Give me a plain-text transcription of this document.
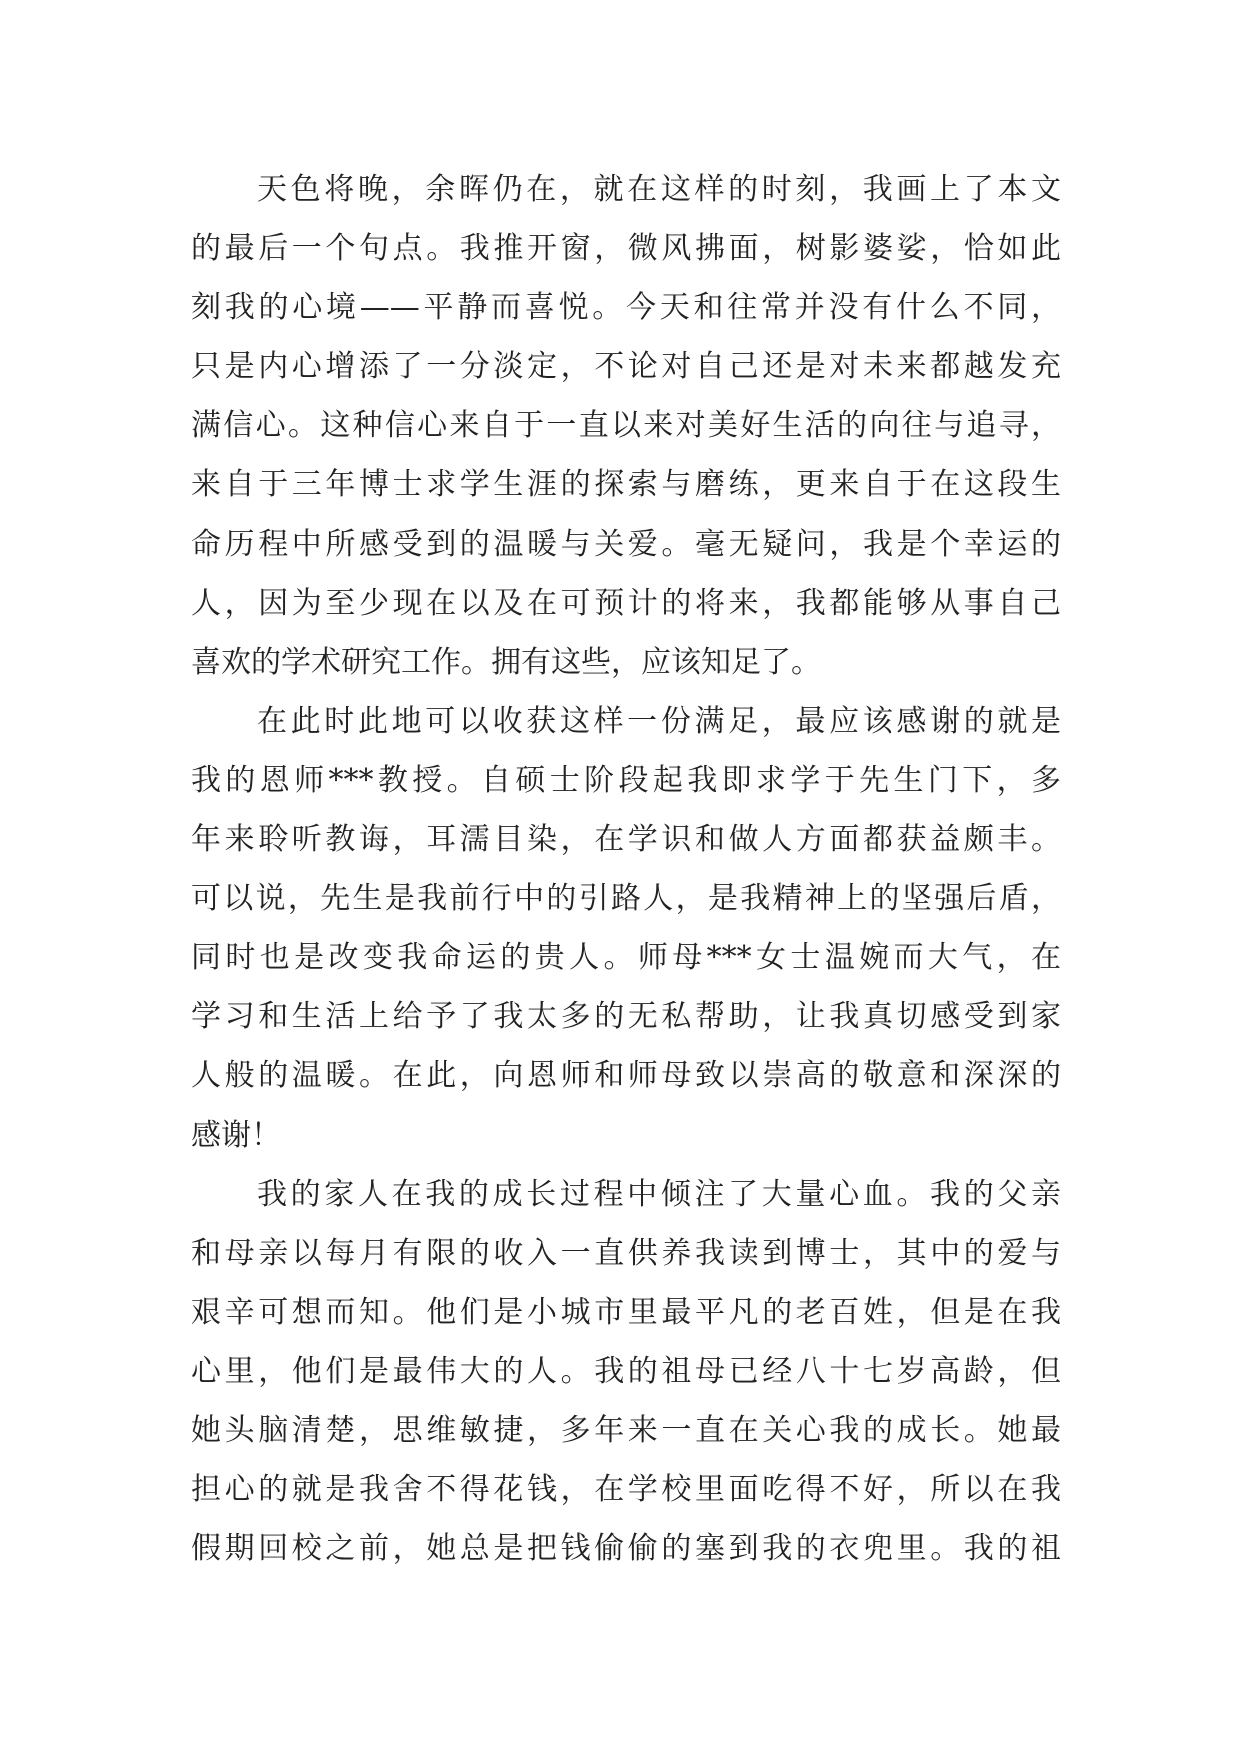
天色将晚，余晖仍在，就在这样的时刻，我画上了本文
的最后一个句点。我推开窗，微风拂面，树影婆娑，恰如此
刻我的心境——平静而喜悦。今天和往常并没有什么不同，
只是内心增添了一分淡定，不论对自己还是对未来都越发充
满信心。这种信心来自于一直以来对美好生活的向往与追寻，
来自于三年博士求学生涯的探索与磨练，更来自于在这段生
命历程中所感受到的温暖与关爱。毫无疑问，我是个幸运的
人，因为至少现在以及在可预计的将来，我都能够从事自己
喜欢的学术研究工作。拥有这些，应该知足了。
在此时此地可以收获这样一份满足，最应该感谢的就是
我的恩师***教授。自硕士阶段起我即求学于先生门下，多
年来聆听教诲，耳濡目染，在学识和做人方面都获益颇丰。
可以说，先生是我前行中的引路人，是我精神上的坚强后盾，
同时也是改变我命运的贵人。师母***女士温婉而大气，在
学习和生活上给予了我太多的无私帮助，让我真切感受到家
人般的温暖。在此，向恩师和师母致以崇高的敬意和深深的
感谢！
我的家人在我的成长过程中倾注了大量心血。我的父亲
和母亲以每月有限的收入一直供养我读到博士，其中的爱与
艰辛可想而知。他们是小城市里最平凡的老百姓，但是在我
心里，他们是最伟大的人。我的祖母已经八十七岁高龄，但
她头脑清楚，思维敏捷，多年来一直在关心我的成长。她最
担心的就是我舍不得花钱，在学校里面吃得不好，所以在我
假期回校之前，她总是把钱偷偷的塞到我的衣兜里。我的祖
